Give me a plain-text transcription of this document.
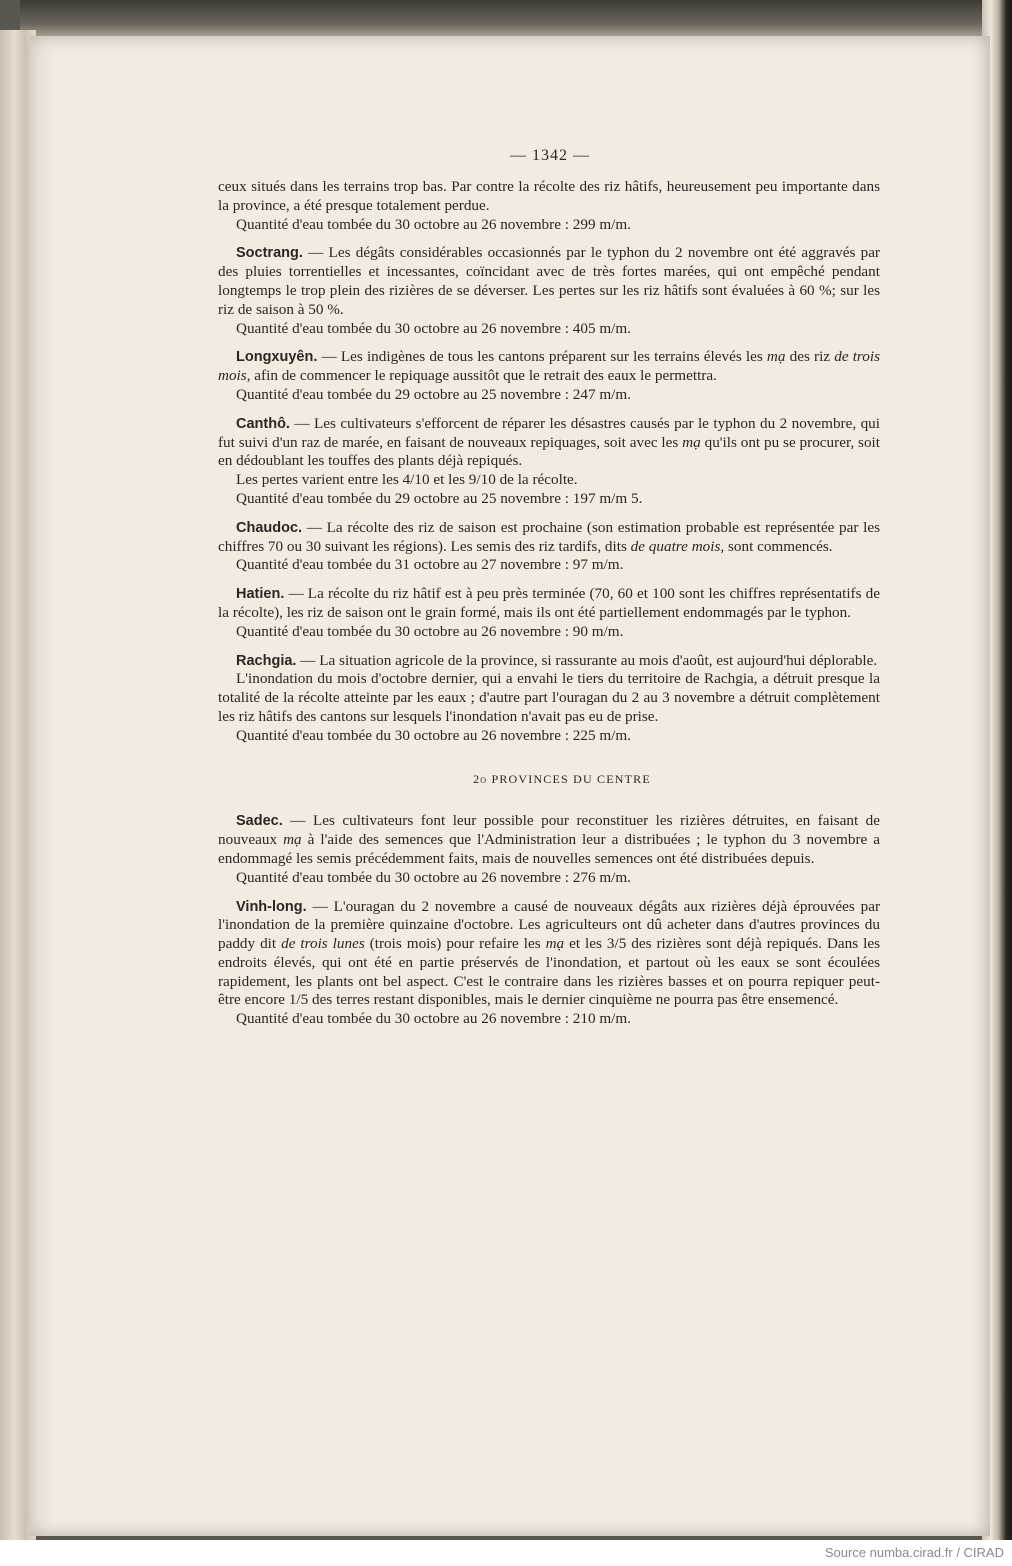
— 1342 —

ceux situés dans les terrains trop bas. Par contre la récolte des riz hâtifs, heureusement peu importante dans la province, a été presque totalement perdue.

Quantité d'eau tombée du 30 octobre au 26 novembre : 299 m/m.

Soctrang. — Les dégâts considérables occasionnés par le typhon du 2 novembre ont été aggravés par des pluies torrentielles et incessantes, coïncidant avec de très fortes marées, qui ont empêché pendant longtemps le trop plein des rizières de se déverser. Les pertes sur les riz hâtifs sont évaluées à 60 %; sur les riz de saison à 50 %.

Quantité d'eau tombée du 30 octobre au 26 novembre : 405 m/m.

Longxuyên. — Les indigènes de tous les cantons préparent sur les terrains élevés les mạ des riz de trois mois, afin de commencer le repiquage aussitôt que le retrait des eaux le permettra.

Quantité d'eau tombée du 29 octobre au 25 novembre : 247 m/m.

Canthô. — Les cultivateurs s'efforcent de réparer les désastres causés par le typhon du 2 novembre, qui fut suivi d'un raz de marée, en faisant de nouveaux repiquages, soit avec les mạ qu'ils ont pu se procurer, soit en dédoublant les touffes des plants déjà repiqués.

Les pertes varient entre les 4/10 et les 9/10 de la récolte.

Quantité d'eau tombée du 29 octobre au 25 novembre : 197 m/m 5.

Chaudoc. — La récolte des riz de saison est prochaine (son estimation probable est représentée par les chiffres 70 ou 30 suivant les régions). Les semis des riz tardifs, dits de quatre mois, sont commencés.

Quantité d'eau tombée du 31 octobre au 27 novembre : 97 m/m.

Hatien. — La récolte du riz hâtif est à peu près terminée (70, 60 et 100 sont les chiffres représentatifs de la récolte), les riz de saison ont le grain formé, mais ils ont été partiellement endommagés par le typhon.

Quantité d'eau tombée du 30 octobre au 26 novembre : 90 m/m.

Rachgia. — La situation agricole de la province, si rassurante au mois d'août, est aujourd'hui déplorable.

L'inondation du mois d'octobre dernier, qui a envahi le tiers du territoire de Rachgia, a détruit presque la totalité de la récolte atteinte par les eaux ; d'autre part l'ouragan du 2 au 3 novembre a détruit complètement les riz hâtifs des cantons sur lesquels l'inondation n'avait pas eu de prise.

Quantité d'eau tombée du 30 octobre au 26 novembre : 225 m/m.

2o PROVINCES DU CENTRE

Sadec. — Les cultivateurs font leur possible pour reconstituer les rizières détruites, en faisant de nouveaux mạ à l'aide des semences que l'Administration leur a distribuées ; le typhon du 3 novembre a endommagé les semis précédemment faits, mais de nouvelles semences ont été distribuées depuis.

Quantité d'eau tombée du 30 octobre au 26 novembre : 276 m/m.

Vinh-long. — L'ouragan du 2 novembre a causé de nouveaux dégâts aux rizières déjà éprouvées par l'inondation de la première quinzaine d'octobre. Les agriculteurs ont dû acheter dans d'autres provinces du paddy dit de trois lunes (trois mois) pour refaire les mạ et les 3/5 des rizières sont déjà repiqués. Dans les endroits élevés, qui ont été en partie préservés de l'inondation, et partout où les eaux se sont écoulées rapidement, les plants ont bel aspect. C'est le contraire dans les rizières basses et on pourra repiquer peut-être encore 1/5 des terres restant disponibles, mais le dernier cinquième ne pourra pas être ensemencé.

Quantité d'eau tombée du 30 octobre au 26 novembre : 210 m/m.

Source numba.cirad.fr / CIRAD
